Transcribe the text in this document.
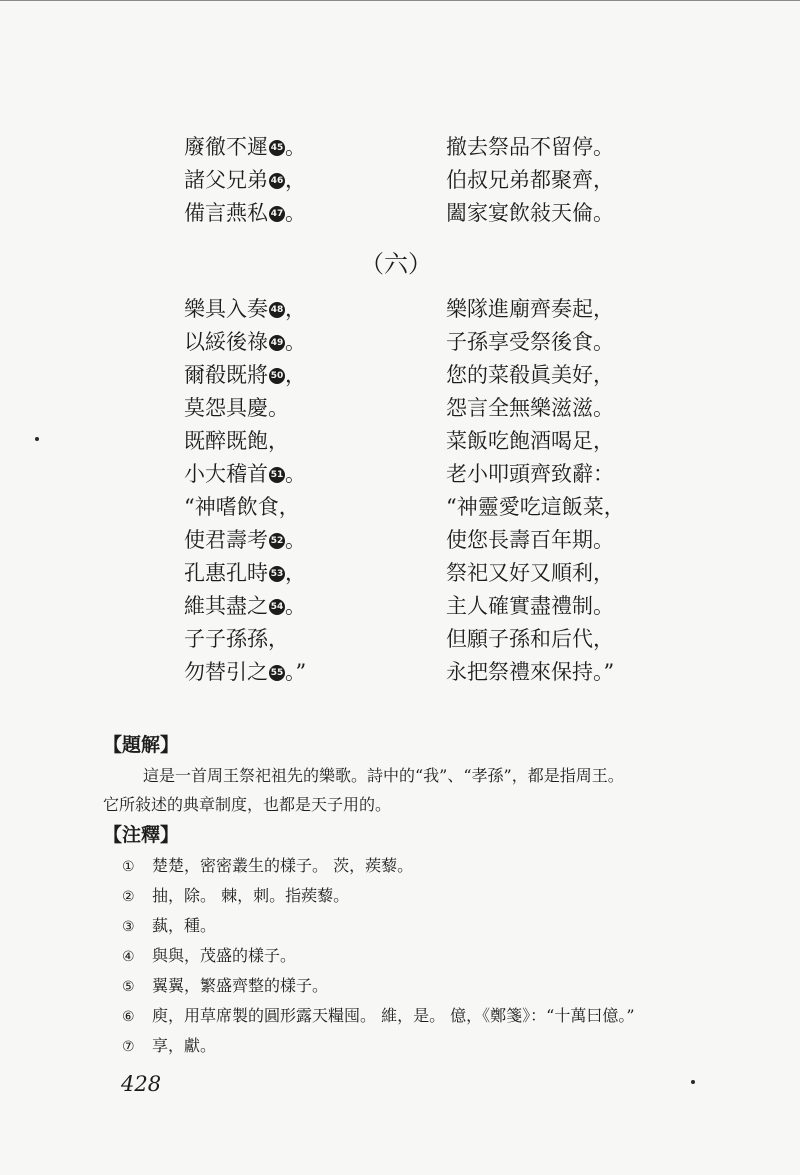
廢徹不遲 45。	撤去祭品不留停。
諸父兄弟 46，	伯叔兄弟都聚齊，
備言燕私 47。	闔家宴飲敍天倫。
（六）
樂具入奏 48，	樂隊進廟齊奏起，
以綏後祿 49。	子孫享受祭後食。
爾殽既將 50，	您的菜殽眞美好，
莫怨具慶。	怨言全無樂滋滋。
既醉既飽，	菜飯吃飽酒喝足，
小大稽首 51。	老小叩頭齊致辭：
“神嗜飲食，	“神靈愛吃這飯菜，
使君壽考 52。	使您長壽百年期。
孔惠孔時 53，	祭祀又好又順利，
維其盡之 54。	主人確實盡禮制。
子子孫孫，	但願子孫和后代，
勿替引之 55。”	永把祭禮來保持。”
【題解】
這是一首周王祭祀祖先的樂歌。詩中的“我”、“孝孫”，都是指周王。
它所敍述的典章制度，也都是天子用的。
【注釋】
① 楚楚，密密叢生的樣子。 茨，蒺藜。
② 抽，除。 棘，刺。指蒺藜。
③ 蓺，種。
④ 與與，茂盛的樣子。
⑤ 翼翼，繁盛齊整的樣子。
⑥ 庾，用草席製的圓形露天糧囤。 維，是。 億，《鄭箋》：“十萬曰億。”
⑦ 享，獻。
428
